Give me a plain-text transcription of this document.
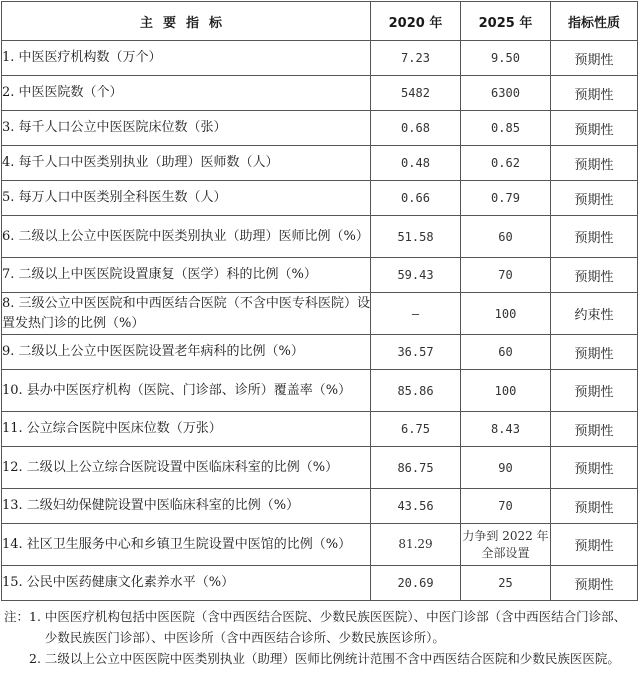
主要指标	2020 年	2025 年	指标性质
1. 中医医疗机构数（万个）	7.23	9.50	预期性
2. 中医医院数（个）	5482	6300	预期性
3. 每千人口公立中医医院床位数（张）	0.68	0.85	预期性
4. 每千人口中医类别执业（助理）医师数（人）	0.48	0.62	预期性
5. 每万人口中医类别全科医生数（人）	0.66	0.79	预期性
6. 二级以上公立中医医院中医类别执业（助理）医师比例（%）	51.58	60	预期性
7. 二级以上中医医院设置康复（医学）科的比例（%）	59.43	70	预期性
8. 三级公立中医医院和中西医结合医院（不含中医专科医院）设置发热门诊的比例（%）	—	100	约束性
9. 二级以上公立中医医院设置老年病科的比例（%）	36.57	60	预期性
10. 县办中医医疗机构（医院、门诊部、诊所）覆盖率（%）	85.86	100	预期性
11. 公立综合医院中医床位数（万张）	6.75	8.43	预期性
12. 二级以上公立综合医院设置中医临床科室的比例（%）	86.75	90	预期性
13. 二级妇幼保健院设置中医临床科室的比例（%）	43.56	70	预期性
14. 社区卫生服务中心和乡镇卫生院设置中医馆的比例（%）	81.29	力争到 2022 年全部设置	预期性
15. 公民中医药健康文化素养水平（%）	20.69	25	预期性
注： 1. 中医医疗机构包括中医医院（含中西医结合医院、少数民族医医院）、中医门诊部（含中西医结合门诊部、少数民族医门诊部）、中医诊所（含中西医结合诊所、少数民族医诊所）。
2. 二级以上公立中医医院中医类别执业（助理）医师比例统计范围不含中西医结合医院和少数民族医医院。
